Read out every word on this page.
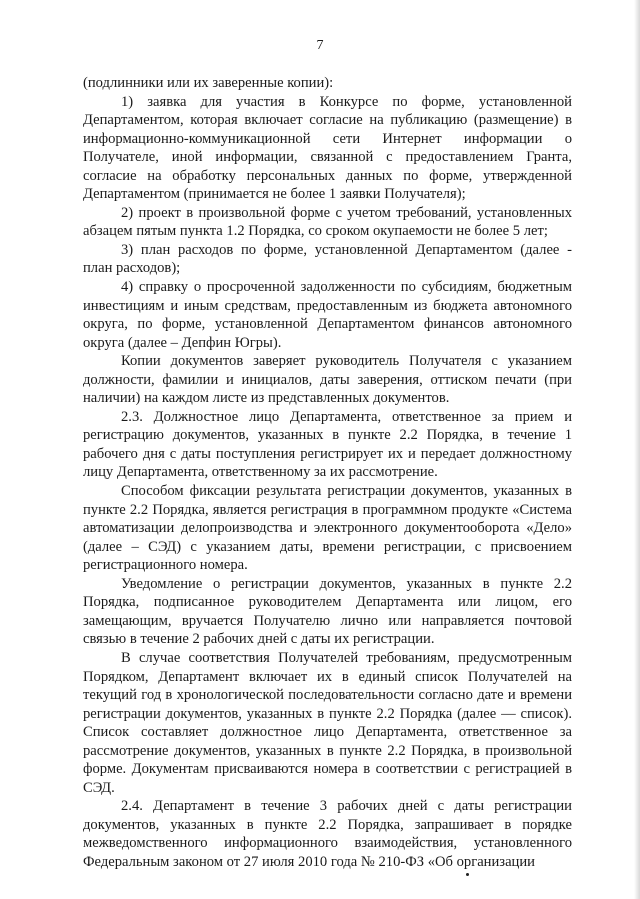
7

(подлинники или их заверенные копии):

1) заявка для участия в Конкурсе по форме, установленной Департаментом, которая включает согласие на публикацию (размещение) в информационно-коммуникационной сети Интернет информации о Получателе, иной информации, связанной с предоставлением Гранта, согласие на обработку персональных данных по форме, утвержденной Департаментом (принимается не более 1 заявки Получателя);

2) проект в произвольной форме с учетом требований, установленных абзацем пятым пункта 1.2 Порядка, со сроком окупаемости не более 5 лет;

3) план расходов по форме, установленной Департаментом (далее - план расходов);

4) справку о просроченной задолженности по субсидиям, бюджетным инвестициям и иным средствам, предоставленным из бюджета автономного округа, по форме, установленной Департаментом финансов автономного округа (далее – Депфин Югры).

Копии документов заверяет руководитель Получателя с указанием должности, фамилии и инициалов, даты заверения, оттиском печати (при наличии) на каждом листе из представленных документов.

2.3. Должностное лицо Департамента, ответственное за прием и регистрацию документов, указанных в пункте 2.2 Порядка, в течение 1 рабочего дня с даты поступления регистрирует их и передает должностному лицу Департамента, ответственному за их рассмотрение.

Способом фиксации результата регистрации документов, указанных в пункте 2.2 Порядка, является регистрация в программном продукте «Система автоматизации делопроизводства и электронного документооборота «Дело» (далее – СЭД) с указанием даты, времени регистрации, с присвоением регистрационного номера.

Уведомление о регистрации документов, указанных в пункте 2.2 Порядка, подписанное руководителем Департамента или лицом, его замещающим, вручается Получателю лично или направляется почтовой связью в течение 2 рабочих дней с даты их регистрации.

В случае соответствия Получателей требованиям, предусмотренным Порядком, Департамент включает их в единый список Получателей на текущий год в хронологической последовательности согласно дате и времени регистрации документов, указанных в пункте 2.2 Порядка (далее — список). Список составляет должностное лицо Департамента, ответственное за рассмотрение документов, указанных в пункте 2.2 Порядка, в произвольной форме. Документам присваиваются номера в соответствии с регистрацией в СЭД.

2.4. Департамент в течение 3 рабочих дней с даты регистрации документов, указанных в пункте 2.2 Порядка, запрашивает в порядке межведомственного информационного взаимодействия, установленного Федеральным законом от 27 июля 2010 года № 210-ФЗ «Об организации
